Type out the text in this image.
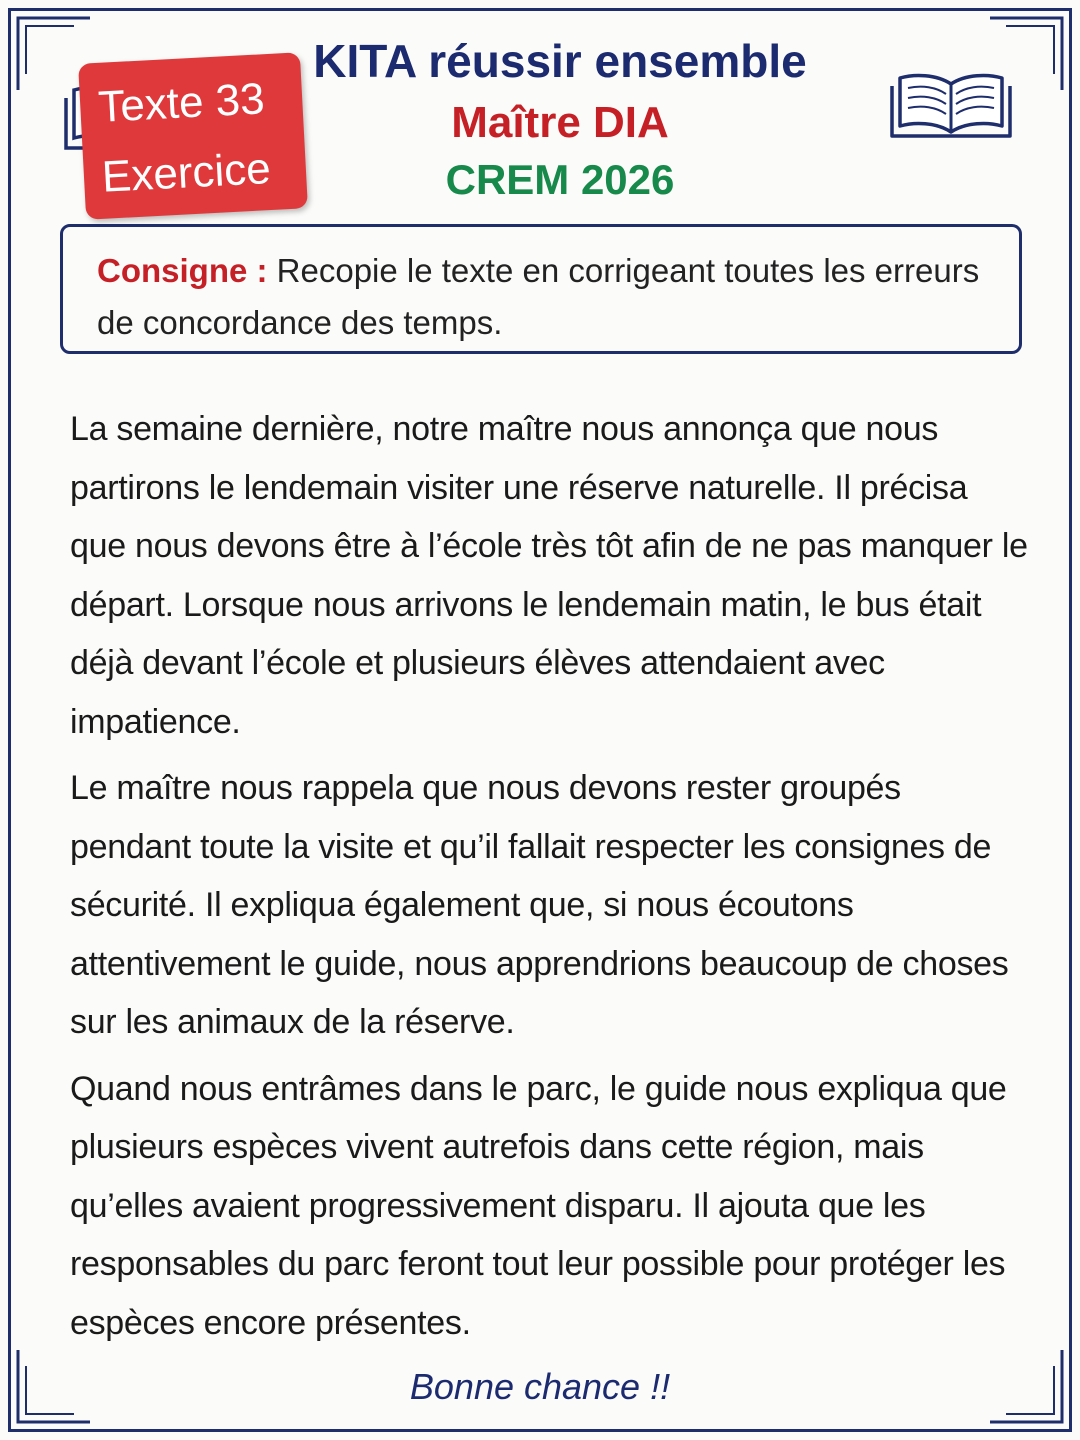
KITA réussir ensemble
Maître DIA
CREM 2026
Texte 33
Exercice
Consigne : Recopie le texte en corrigeant toutes les erreurs de concordance des temps.

La semaine dernière, notre maître nous annonça que nous partirons le lendemain visiter une réserve naturelle. Il précisa que nous devons être à l’école très tôt afin de ne pas manquer le départ. Lorsque nous arrivons le lendemain matin, le bus était déjà devant l’école et plusieurs élèves attendaient avec impatience.

Le maître nous rappela que nous devons rester groupés pendant toute la visite et qu’il fallait respecter les consignes de sécurité. Il expliqua également que, si nous écoutons attentivement le guide, nous apprendrions beaucoup de choses sur les animaux de la réserve.

Quand nous entrâmes dans le parc, le guide nous expliqua que plusieurs espèces vivent autrefois dans cette région, mais qu’elles avaient progressivement disparu. Il ajouta que les responsables du parc feront tout leur possible pour protéger les espèces encore présentes.

Bonne chance !!
